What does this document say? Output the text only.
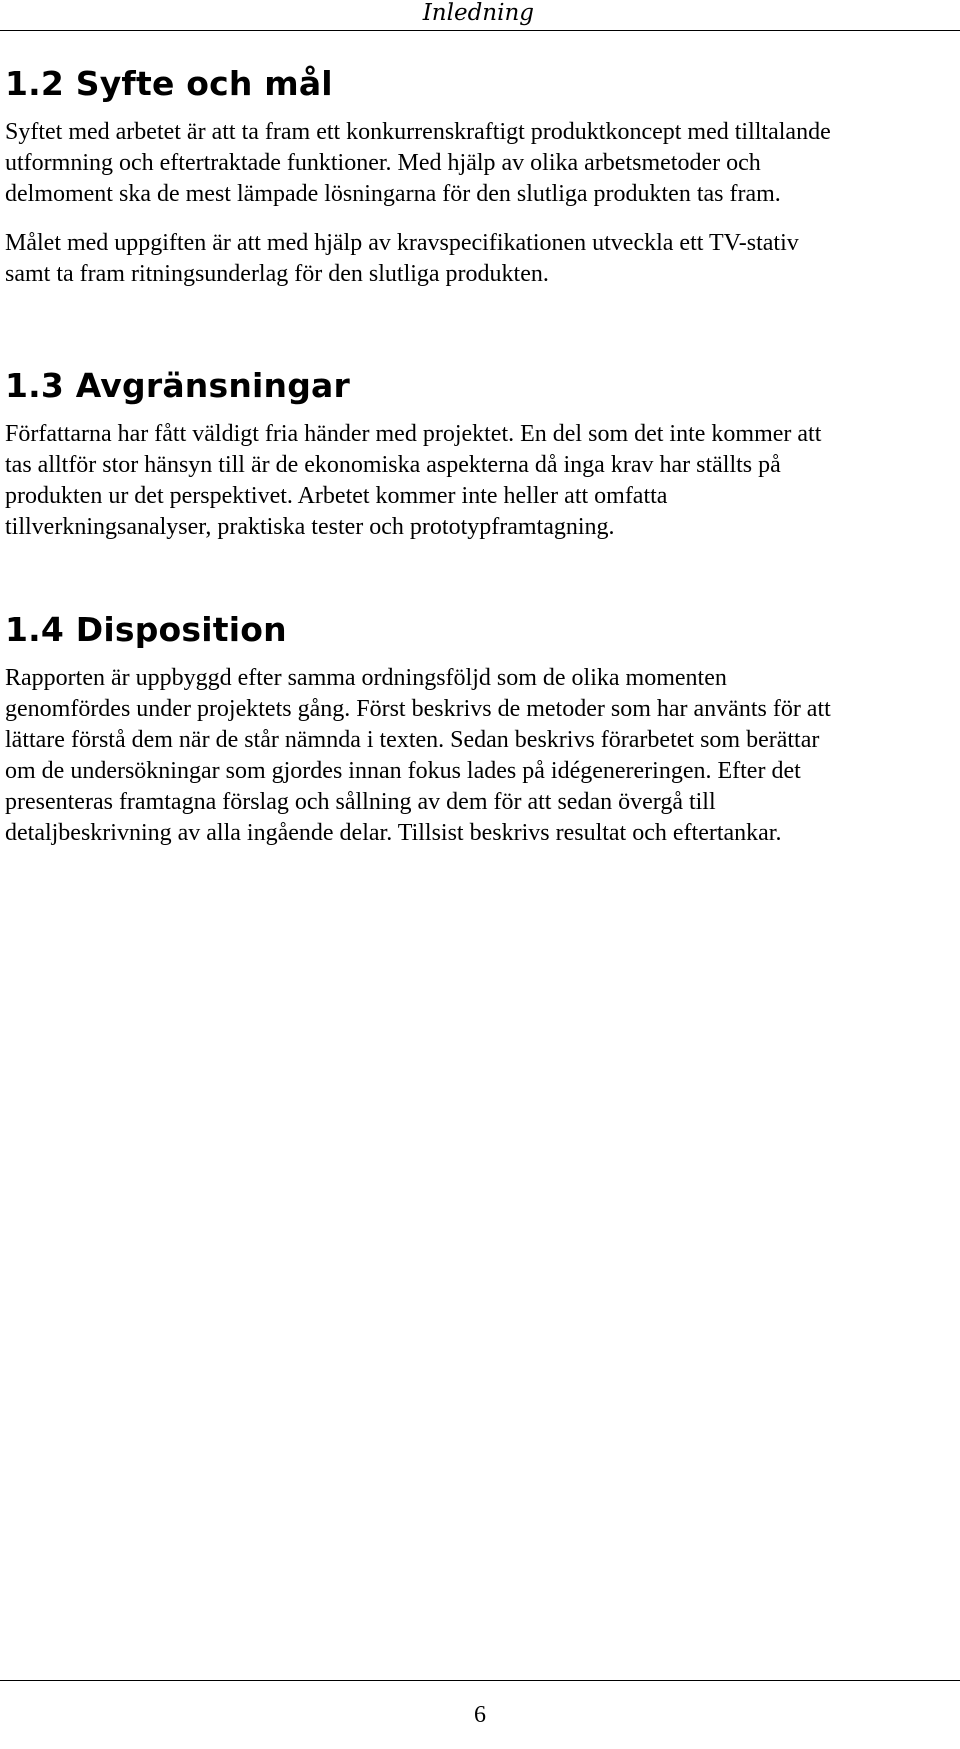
Inledning
1.2 Syfte och mål
Syftet med arbetet är att ta fram ett konkurrenskraftigt produktkoncept med tilltalande
utformning och eftertraktade funktioner. Med hjälp av olika arbetsmetoder och
delmoment ska de mest lämpade lösningarna för den slutliga produkten tas fram.
Målet med uppgiften är att med hjälp av kravspecifikationen utveckla ett TV-stativ
samt ta fram ritningsunderlag för den slutliga produkten.
1.3 Avgränsningar
Författarna har fått väldigt fria händer med projektet. En del som det inte kommer att
tas alltför stor hänsyn till är de ekonomiska aspekterna då inga krav har ställts på
produkten ur det perspektivet. Arbetet kommer inte heller att omfatta
tillverkningsanalyser, praktiska tester och prototypframtagning.
1.4 Disposition
Rapporten är uppbyggd efter samma ordningsföljd som de olika momenten
genomfördes under projektets gång. Först beskrivs de metoder som har använts för att
lättare förstå dem när de står nämnda i texten. Sedan beskrivs förarbetet som berättar
om de undersökningar som gjordes innan fokus lades på idégenereringen. Efter det
presenteras framtagna förslag och sållning av dem för att sedan övergå till
detaljbeskrivning av alla ingående delar. Tillsist beskrivs resultat och eftertankar.
6
